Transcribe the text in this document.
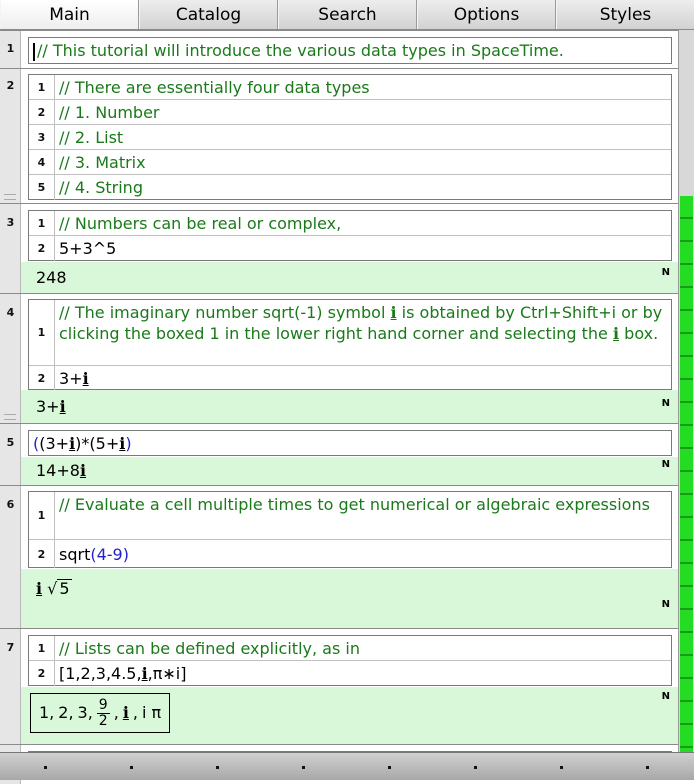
Main	Catalog	Search	Options	Styles
1	// This tutorial will introduce the various data types in SpaceTime.
2	1 // There are essentially four data types
2 // 1. Number
3 // 2. List
4 // 3. Matrix
5 // 4. String
3	1 // Numbers can be real or complex,
2 5+3^5
248	N
4
1
// The imaginary number sqrt(-1) symbol i is obtained by Ctrl+Shift+i or by clicking the boxed 1 in the lower right hand corner and selecting the i box.
2 3+i
3+i	N
5	((3+i)*(5+i)
14+8i	N
6
1
// Evaluate a cell multiple times to get numerical or algebraic expressions
2 sqrt(4-9)
i √ 5
N
7	1 // Lists can be defined explicitly, as in
2 [1,2,3,4.5,i,π∗i]
1, 2, 3, $\frac{9}{2}$ , i , i π
N
